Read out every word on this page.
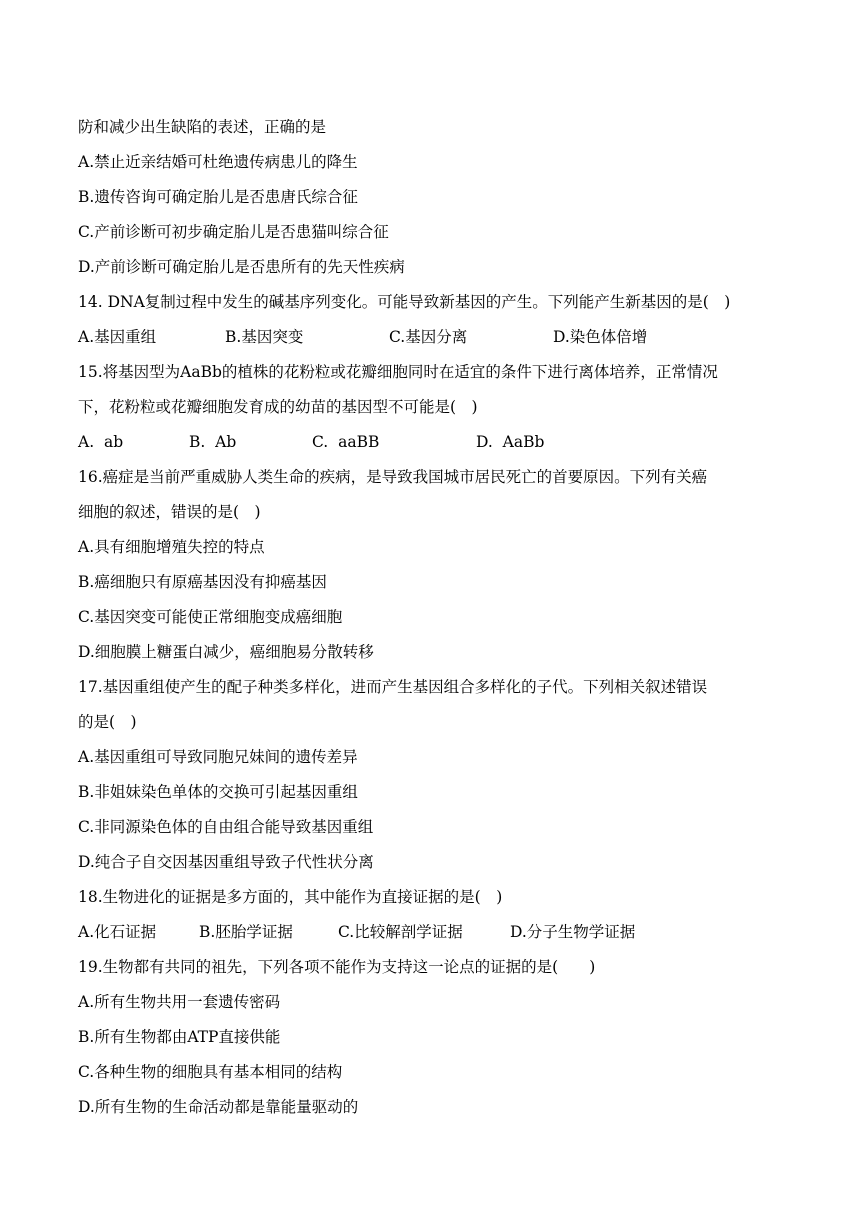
防和减少出生缺陷的表述，正确的是
A.禁止近亲结婚可杜绝遗传病患儿的降生
B.遗传咨询可确定胎儿是否患唐氏综合征
C.产前诊断可初步确定胎儿是否患猫叫综合征
D.产前诊断可确定胎儿是否患所有的先天性疾病
14. DNA复制过程中发生的碱基序列变化。可能导致新基因的产生。下列能产生新基因的是(　)
A.基因重组	B.基因突变	C.基因分离	D.染色体倍增
15.将基因型为AaBb的植株的花粉粒或花瓣细胞同时在适宜的条件下进行离体培养，正常情况
下，花粉粒或花瓣细胞发育成的幼苗的基因型不可能是(　)
A.  ab	B.  Ab	C.  aaBB	D.  AaBb
16.癌症是当前严重威胁人类生命的疾病，是导致我国城市居民死亡的首要原因。下列有关癌
细胞的叙述，错误的是(　)
A.具有细胞增殖失控的特点
B.癌细胞只有原癌基因没有抑癌基因
C.基因突变可能使正常细胞变成癌细胞
D.细胞膜上糖蛋白减少，癌细胞易分散转移
17.基因重组使产生的配子种类多样化，进而产生基因组合多样化的子代。下列相关叙述错误
的是(　)
A.基因重组可导致同胞兄妹间的遗传差异
B.非姐妹染色单体的交换可引起基因重组
C.非同源染色体的自由组合能导致基因重组
D.纯合子自交因基因重组导致子代性状分离
18.生物进化的证据是多方面的，其中能作为直接证据的是(　)
A.化石证据	B.胚胎学证据	C.比较解剖学证据	D.分子生物学证据
19.生物都有共同的祖先，下列各项不能作为支持这一论点的证据的是(　　)
A.所有生物共用一套遗传密码
B.所有生物都由ATP直接供能
C.各种生物的细胞具有基本相同的结构
D.所有生物的生命活动都是靠能量驱动的
